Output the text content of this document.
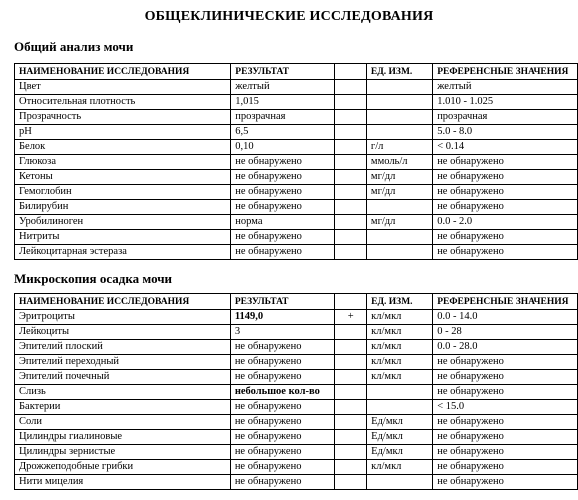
ОБЩЕКЛИНИЧЕСКИЕ ИССЛЕДОВАНИЯ
Общий анализ мочи
НАИМЕНОВАНИЕ ИССЛЕДОВАНИЯ	РЕЗУЛЬТАТ		ЕД. ИЗМ.	РЕФЕРЕНСНЫЕ ЗНАЧЕНИЯ
Цвет	желтый			желтый
Относительная плотность	1,015			1.010 - 1.025
Прозрачность	прозрачная			прозрачная
pH	6,5			5.0 - 8.0
Белок	0,10		г/л	< 0.14
Глюкоза	не обнаружено		ммоль/л	не обнаружено
Кетоны	не обнаружено		мг/дл	не обнаружено
Гемоглобин	не обнаружено		мг/дл	не обнаружено
Билирубин	не обнаружено			не обнаружено
Уробилиноген	норма		мг/дл	0.0 - 2.0
Нитриты	не обнаружено			не обнаружено
Лейкоцитарная эстераза	не обнаружено			не обнаружено
Микроскопия осадка мочи
НАИМЕНОВАНИЕ ИССЛЕДОВАНИЯ	РЕЗУЛЬТАТ		ЕД. ИЗМ.	РЕФЕРЕНСНЫЕ ЗНАЧЕНИЯ
Эритроциты	1149,0	+	кл/мкл	0.0 - 14.0
Лейкоциты	3		кл/мкл	0 - 28
Эпителий плоский	не обнаружено		кл/мкл	0.0 - 28.0
Эпителий переходный	не обнаружено		кл/мкл	не обнаружено
Эпителий почечный	не обнаружено		кл/мкл	не обнаружено
Слизь	небольшое кол-во			не обнаружено
Бактерии	не обнаружено			< 15.0
Соли	не обнаружено		Ед/мкл	не обнаружено
Цилиндры гиалиновые	не обнаружено		Ед/мкл	не обнаружено
Цилиндры зернистые	не обнаружено		Ед/мкл	не обнаружено
Дрожжеподобные грибки	не обнаружено		кл/мкл	не обнаружено
Нити мицелия	не обнаружено			не обнаружено
